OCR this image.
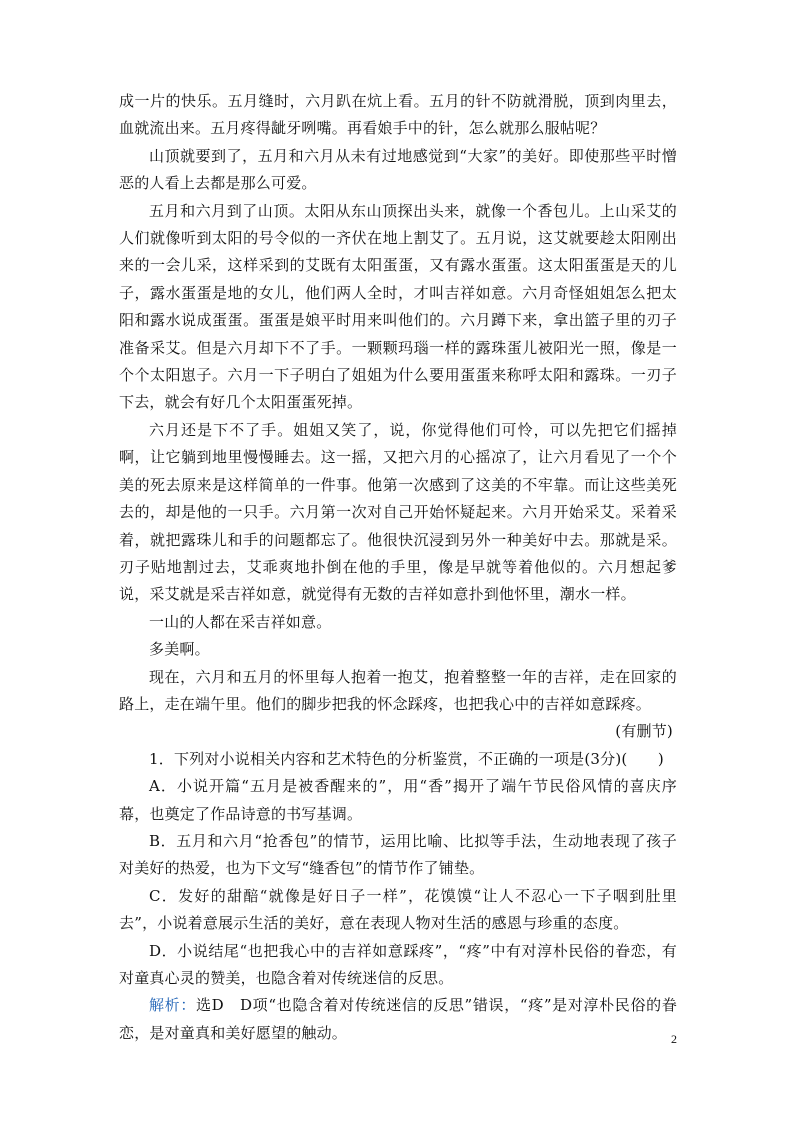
成一片的快乐。五月缝时，六月趴在炕上看。五月的针不防就滑脱，顶到肉里去，血就流出来。五月疼得龇牙咧嘴。再看娘手中的针，怎么就那么服帖呢？

山顶就要到了，五月和六月从未有过地感觉到“大家”的美好。即使那些平时憎恶的人看上去都是那么可爱。

五月和六月到了山顶。太阳从东山顶探出头来，就像一个香包儿。上山采艾的人们就像听到太阳的号令似的一齐伏在地上割艾了。五月说，这艾就要趁太阳刚出来的一会儿采，这样采到的艾既有太阳蛋蛋，又有露水蛋蛋。这太阳蛋蛋是天的儿子，露水蛋蛋是地的女儿，他们两人全时，才叫吉祥如意。六月奇怪姐姐怎么把太阳和露水说成蛋蛋。蛋蛋是娘平时用来叫他们的。六月蹲下来，拿出篮子里的刃子准备采艾。但是六月却下不了手。一颗颗玛瑙一样的露珠蛋儿被阳光一照，像是一个个太阳崽子。六月一下子明白了姐姐为什么要用蛋蛋来称呼太阳和露珠。一刃子下去，就会有好几个太阳蛋蛋死掉。

六月还是下不了手。姐姐又笑了，说，你觉得他们可怜，可以先把它们摇掉啊，让它躺到地里慢慢睡去。这一摇，又把六月的心摇凉了，让六月看见了一个个美的死去原来是这样简单的一件事。他第一次感到了这美的不牢靠。而让这些美死去的，却是他的一只手。六月第一次对自己开始怀疑起来。六月开始采艾。采着采着，就把露珠儿和手的问题都忘了。他很快沉浸到另外一种美好中去。那就是采。刃子贴地割过去，艾乖爽地扑倒在他的手里，像是早就等着他似的。六月想起爹说，采艾就是采吉祥如意，就觉得有无数的吉祥如意扑到他怀里，潮水一样。

一山的人都在采吉祥如意。

多美啊。

现在，六月和五月的怀里每人抱着一抱艾，抱着整整一年的吉祥，走在回家的路上，走在端午里。他们的脚步把我的怀念踩疼，也把我心中的吉祥如意踩疼。

(有删节)

1．下列对小说相关内容和艺术特色的分析鉴赏，不正确的一项是(3分)(　　)

A．小说开篇“五月是被香醒来的”，用“香”揭开了端午节民俗风情的喜庆序幕，也奠定了作品诗意的书写基调。

B．五月和六月“抢香包”的情节，运用比喻、比拟等手法，生动地表现了孩子对美好的热爱，也为下文写“缝香包”的情节作了铺垫。

C．发好的甜醅“就像是好日子一样”，花馍馍“让人不忍心一下子咽到肚里去”，小说着意展示生活的美好，意在表现人物对生活的感恩与珍重的态度。

D．小说结尾“也把我心中的吉祥如意踩疼”，“疼”中有对淳朴民俗的眷恋，有对童真心灵的赞美，也隐含着对传统迷信的反思。

解析：选D　D项“也隐含着对传统迷信的反思”错误，“疼”是对淳朴民俗的眷恋，是对童真和美好愿望的触动。	2
